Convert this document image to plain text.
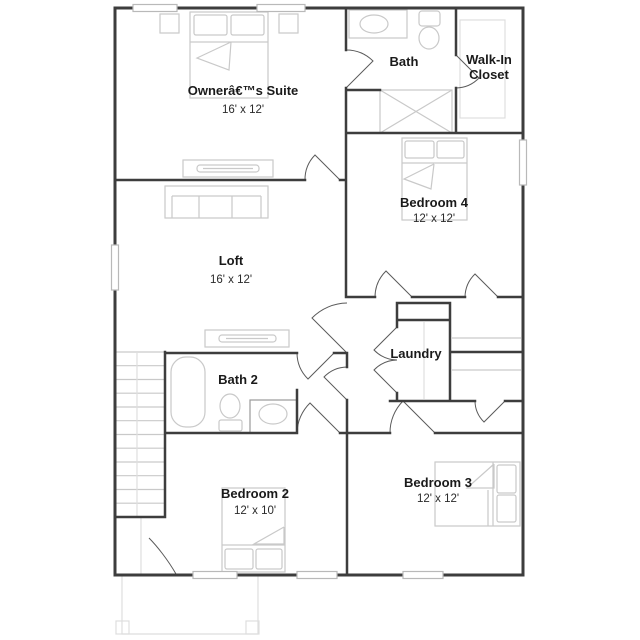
Ownerâ€™s Suite
16' x 12'
Bath	Walk-In
Closet
Bedroom 4
12' x 12'
Loft
16' x 12'
Laundry
Bath 2
Bedroom 2
12' x 10'
Bedroom 3
12' x 12'
